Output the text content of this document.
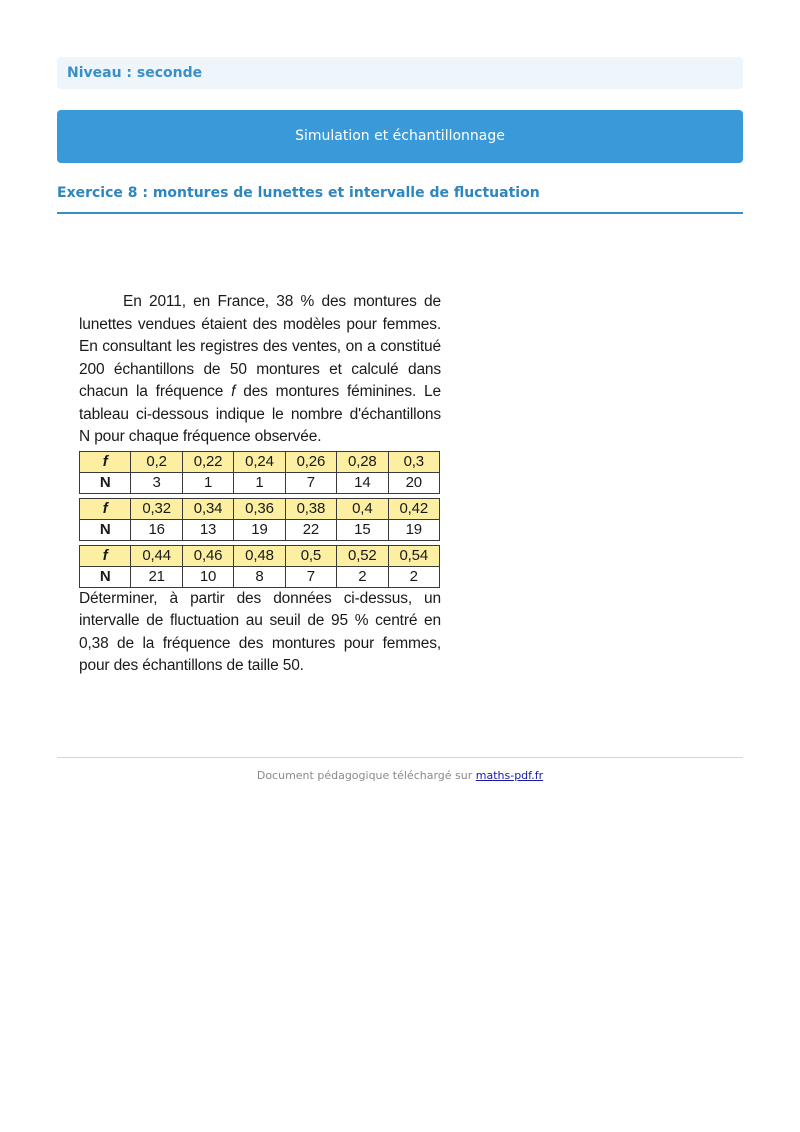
Niveau : seconde
Simulation et échantillonnage
Exercice 8 : montures de lunettes et intervalle de fluctuation

En 2011, en France, 38 % des montures de lunettes vendues étaient des modèles pour femmes. En consultant les registres des ventes, on a constitué 200 échantillons de 50 montures et calculé dans chacun la fréquence f des montures féminines. Le tableau ci-dessous indique le nombre d'échantillons N pour chaque fréquence observée.

f	0,2	0,22	0,24	0,26	0,28	0,3
N	3	1	1	7	14	20
f	0,32	0,34	0,36	0,38	0,4	0,42
N	16	13	19	22	15	19
f	0,44	0,46	0,48	0,5	0,52	0,54
N	21	10	8	7	2	2

Déterminer, à partir des données ci-dessus, un intervalle de fluctuation au seuil de 95 % centré en 0,38 de la fréquence des montures pour femmes, pour des échantillons de taille 50.

Document pédagogique téléchargé sur maths-pdf.fr
